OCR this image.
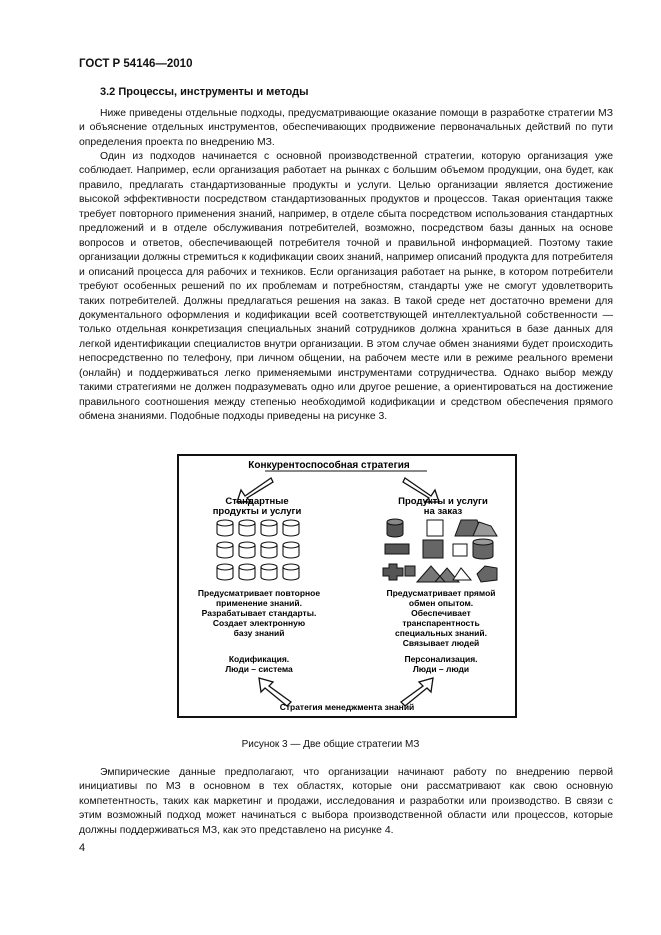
ГОСТ Р 54146—2010
3.2 Процессы, инструменты и методы

Ниже приведены отдельные подходы, предусматривающие оказание помощи в разработке стратегии МЗ и объяснение отдельных инструментов, обеспечивающих продвижение первоначальных действий по пути определения проекта по внедрению МЗ.

Один из подходов начинается с основной производственной стратегии, которую организация уже соблюдает. Например, если организация работает на рынках с большим объемом продукции, она будет, как правило, предлагать стандартизованные продукты и услуги. Целью организации является достижение высокой эффективности посредством стандартизованных продуктов и процессов. Такая ориентация также требует повторного применения знаний, например, в отделе сбыта посредством использования стандартных предложений и в отделе обслуживания потребителей, возможно, посредством базы данных на основе вопросов и ответов, обеспечивающей потребителя точной и правильной информацией. Поэтому такие организации должны стремиться к кодификации своих знаний, например описаний продукта для потребителя и описаний процесса для рабочих и техников. Если организация работает на рынке, в котором потребители требуют особенных решений по их проблемам и потребностям, стандарты уже не смогут удовлетворить таких потребителей. Должны предлагаться решения на заказ. В такой среде нет достаточно времени для документального оформления и кодификации всей соответствующей интеллектуальной собственности — только отдельная конкретизация специальных знаний сотрудников должна храниться в базе данных для легкой идентификации специалистов внутри организации. В этом случае обмен знаниями будет происходить непосредственно по телефону, при личном общении, на рабочем месте или в режиме реального времени (онлайн) и поддерживаться легко применяемыми инструментами сотрудничества. Однако выбор между такими стратегиями не должен подразумевать одно или другое решение, а ориентироваться на достижение правильного соотношения между степенью необходимой кодификации и средством обеспечения прямого обмена знаниями. Подобные подходы приведены на рисунке 3.

Конкурентоспособная стратегия
Стандартные
продукты и услуги
Продукты и услуги
на заказ
Предусматривает повторное
применение знаний.
Разрабатывает стандарты.
Создает электронную
базу знаний
Предусматривает прямой
обмен опытом.
Обеспечивает
транспарентность
специальных знаний.
Связывает людей
Кодификация.
Люди – система
Персонализация.
Люди – люди
Стратегия менеджмента знаний
Рисунок 3 — Две общие стратегии МЗ

Эмпирические данные предполагают, что организации начинают работу по внедрению первой инициативы по МЗ в основном в тех областях, которые они рассматривают как свою основную компетентность, таких как маркетинг и продажи, исследования и разработки или производство. В связи с этим возможный подход может начинаться с выбора производственной области или процессов, которые должны поддерживаться МЗ, как это представлено на рисунке 4.

4
